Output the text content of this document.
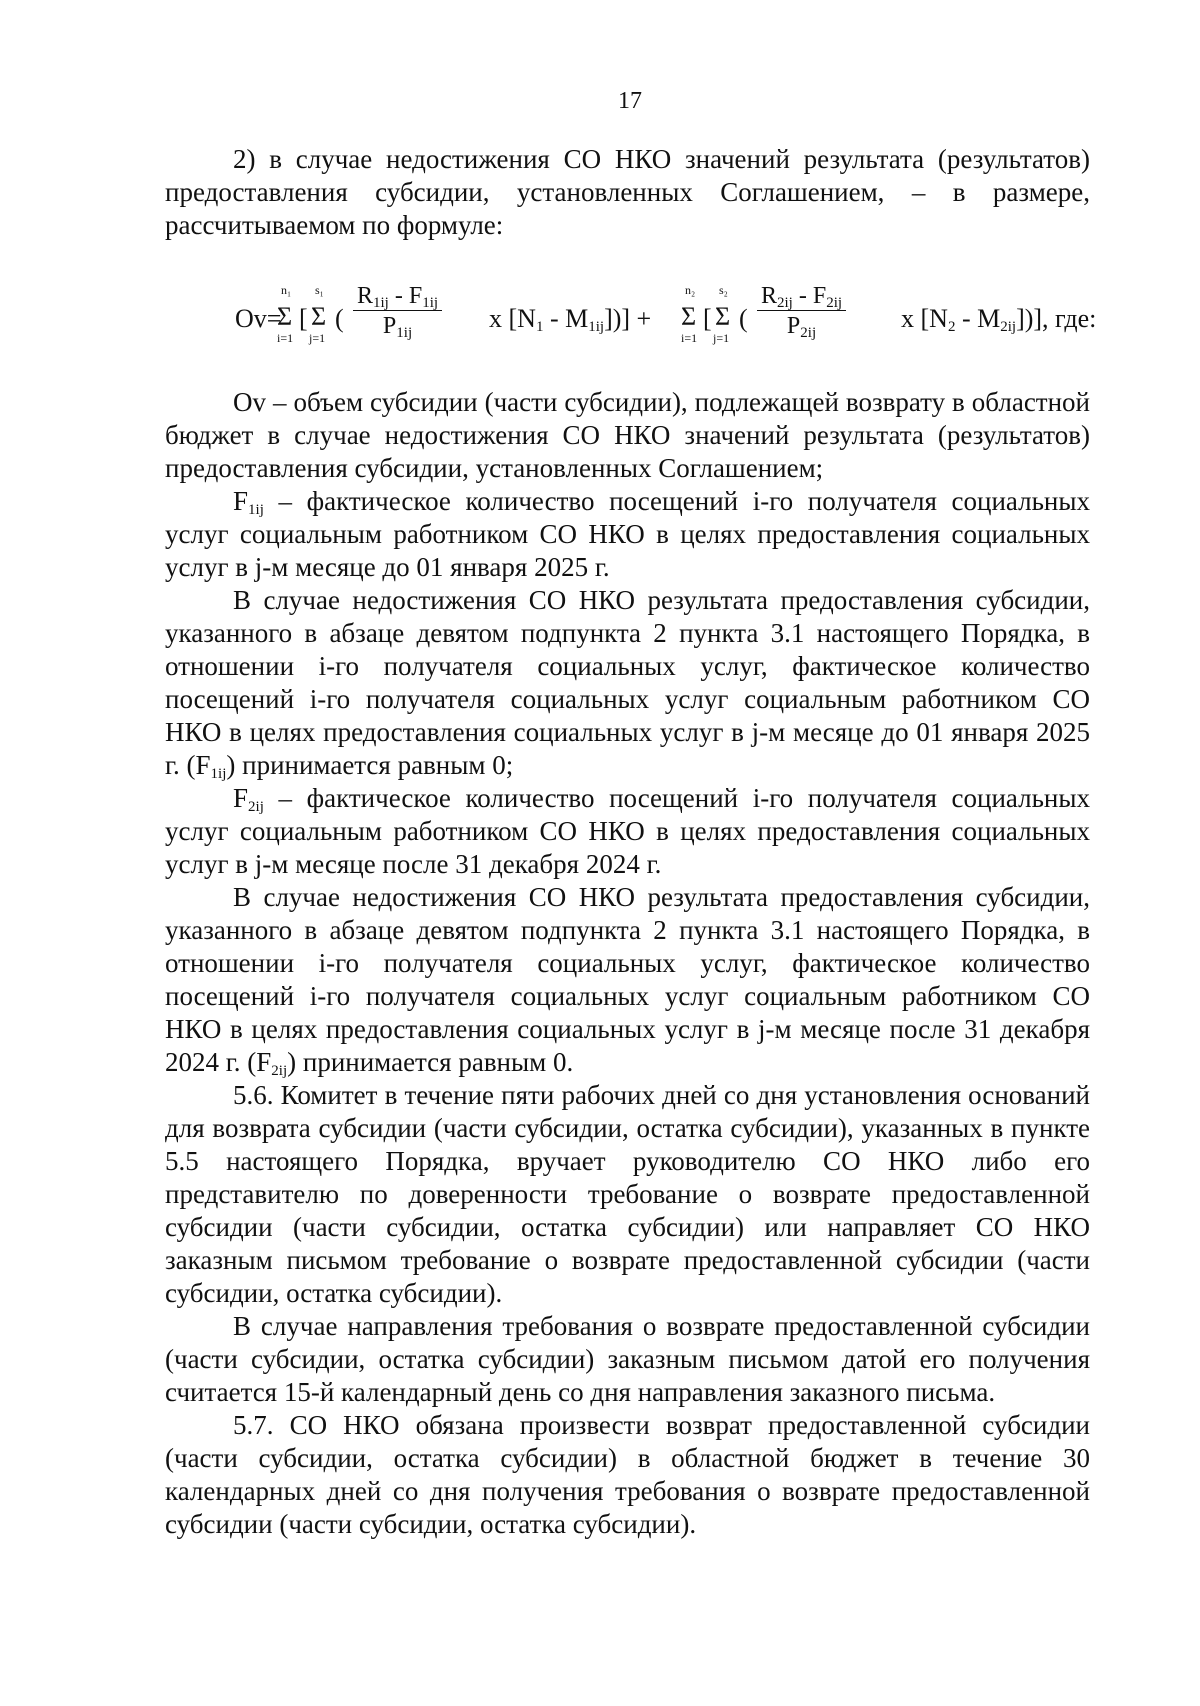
17

2) в случае недостижения СО НКО значений результата (результатов) предоставления субсидии, установленных Соглашением, – в размере, рассчитываемом по формуле:

Ov=
n₁
Σ
i=1
[
s₁
Σ
j=1
( $\frac{R_{1ij} - F_{1ij}}{P_{1ij}}$ x $[N_1 - M_{1ij}]$)] +
n₂
Σ
i=1
[
s₂
Σ
j=1
( $\frac{R_{2ij} - F_{2ij}}{P_{2ij}}$ x $[N_2 - M_{2ij}]$)], где:

Ov – объем субсидии (части субсидии), подлежащей возврату в областной бюджет в случае недостижения СО НКО значений результата (результатов) предоставления субсидии, установленных Соглашением;

$F_{1ij}$ – фактическое количество посещений i-го получателя социальных услуг социальным работником СО НКО в целях предоставления социальных услуг в j-м месяце до 01 января 2025 г.

В случае недостижения СО НКО результата предоставления субсидии, указанного в абзаце девятом подпункта 2 пункта 3.1 настоящего Порядка, в отношении i-го получателя социальных услуг, фактическое количество посещений i-го получателя социальных услуг социальным работником СО НКО в целях предоставления социальных услуг в j-м месяце до 01 января 2025 г. $(F_{1ij})$ принимается равным 0;

$F_{2ij}$ – фактическое количество посещений i-го получателя социальных услуг социальным работником СО НКО в целях предоставления социальных услуг в j-м месяце после 31 декабря 2024 г.

В случае недостижения СО НКО результата предоставления субсидии, указанного в абзаце девятом подпункта 2 пункта 3.1 настоящего Порядка, в отношении i-го получателя социальных услуг, фактическое количество посещений i-го получателя социальных услуг социальным работником СО НКО в целях предоставления социальных услуг в j-м месяце после 31 декабря 2024 г. $(F_{2ij})$ принимается равным 0.

5.6. Комитет в течение пяти рабочих дней со дня установления оснований для возврата субсидии (части субсидии, остатка субсидии), указанных в пункте 5.5 настоящего Порядка, вручает руководителю СО НКО либо его представителю по доверенности требование о возврате предоставленной субсидии (части субсидии, остатка субсидии) или направляет СО НКО заказным письмом требование о возврате предоставленной субсидии (части субсидии, остатка субсидии).

В случае направления требования о возврате предоставленной субсидии (части субсидии, остатка субсидии) заказным письмом датой его получения считается 15-й календарный день со дня направления заказного письма.

5.7. СО НКО обязана произвести возврат предоставленной субсидии (части субсидии, остатка субсидии) в областной бюджет в течение 30 календарных дней со дня получения требования о возврате предоставленной субсидии (части субсидии, остатка субсидии).
